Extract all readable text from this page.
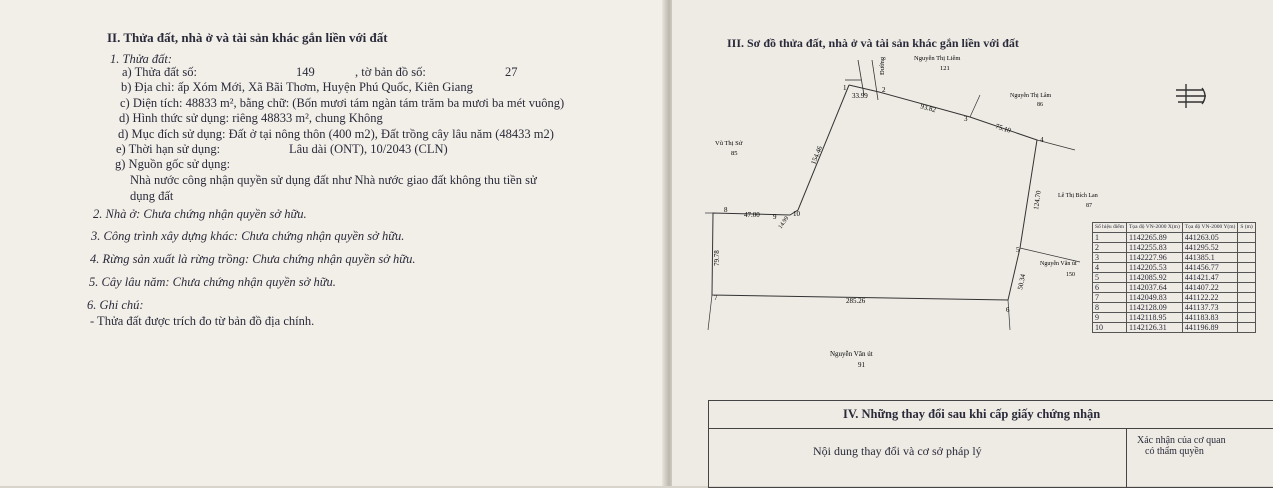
II. Thửa đất, nhà ở và tài sản khác gắn liền với đất
1. Thửa đất:
a) Thửa đất số:	149	, tờ bản đồ số:	27
b) Địa chỉ: ấp Xóm Mới, Xã Bãi Thơm, Huyện Phú Quốc, Kiên Giang
c) Diện tích: 48833 m², bằng chữ: (Bốn mươi tám ngàn tám trăm ba mươi ba mét vuông)
d) Hình thức sử dụng: riêng 48833 m², chung Không
d) Mục đích sử dụng: Đất ở tại nông thôn (400 m2), Đất trồng cây lâu năm (48433 m2)
e) Thời hạn sử dụng:	Lâu dài (ONT), 10/2043 (CLN)
g) Nguồn gốc sử dụng:
Nhà nước công nhận quyền sử dụng đất như Nhà nước giao đất không thu tiền sử
dụng đất
2. Nhà ở: Chưa chứng nhận quyền sở hữu.
3. Công trình xây dựng khác: Chưa chứng nhận quyền sở hữu.
4. Rừng sản xuất là rừng trồng: Chưa chứng nhận quyền sở hữu.
5. Cây lâu năm: Chưa chứng nhận quyền sở hữu.
6. Ghi chú:
- Thửa đất được trích đo từ bản đồ địa chính.
III. Sơ đồ thửa đất, nhà ở và tài sản khác gắn liền với đất
Đường
1	2
3
4
5
6
7
8
9 10
33.99
93.82
75.10
124.70
50.34
285.26
79.78
47.00
14.99
154.46
Nguyễn Thị Liêm
121
Nguyễn Thị Lâm
86
Vũ Thị Sử
85
Lê Thị Bích Lan
87
Nguyễn Văn út
150
Nguyễn Văn út
91
Số hiệu điểm	Tọa độ VN-2000 X(m)	Tọa độ VN-2000 Y(m)	S (m)
1	1142265.89	441263.05	
2	1142255.83	441295.52	
3	1142227.96	441385.1	
4	1142205.53	441456.77	
5	1142085.92	441421.47	
6	1142037.64	441407.22	
7	1142049.83	441122.22	
8	1142128.09	441137.73	
9	1142118.95	441183.83	
10	1142126.31	441196.89	
IV. Những thay đổi sau khi cấp giấy chứng nhận
Nội dung thay đổi và cơ sở pháp lý
Xác nhận của cơ quan
có thẩm quyền
